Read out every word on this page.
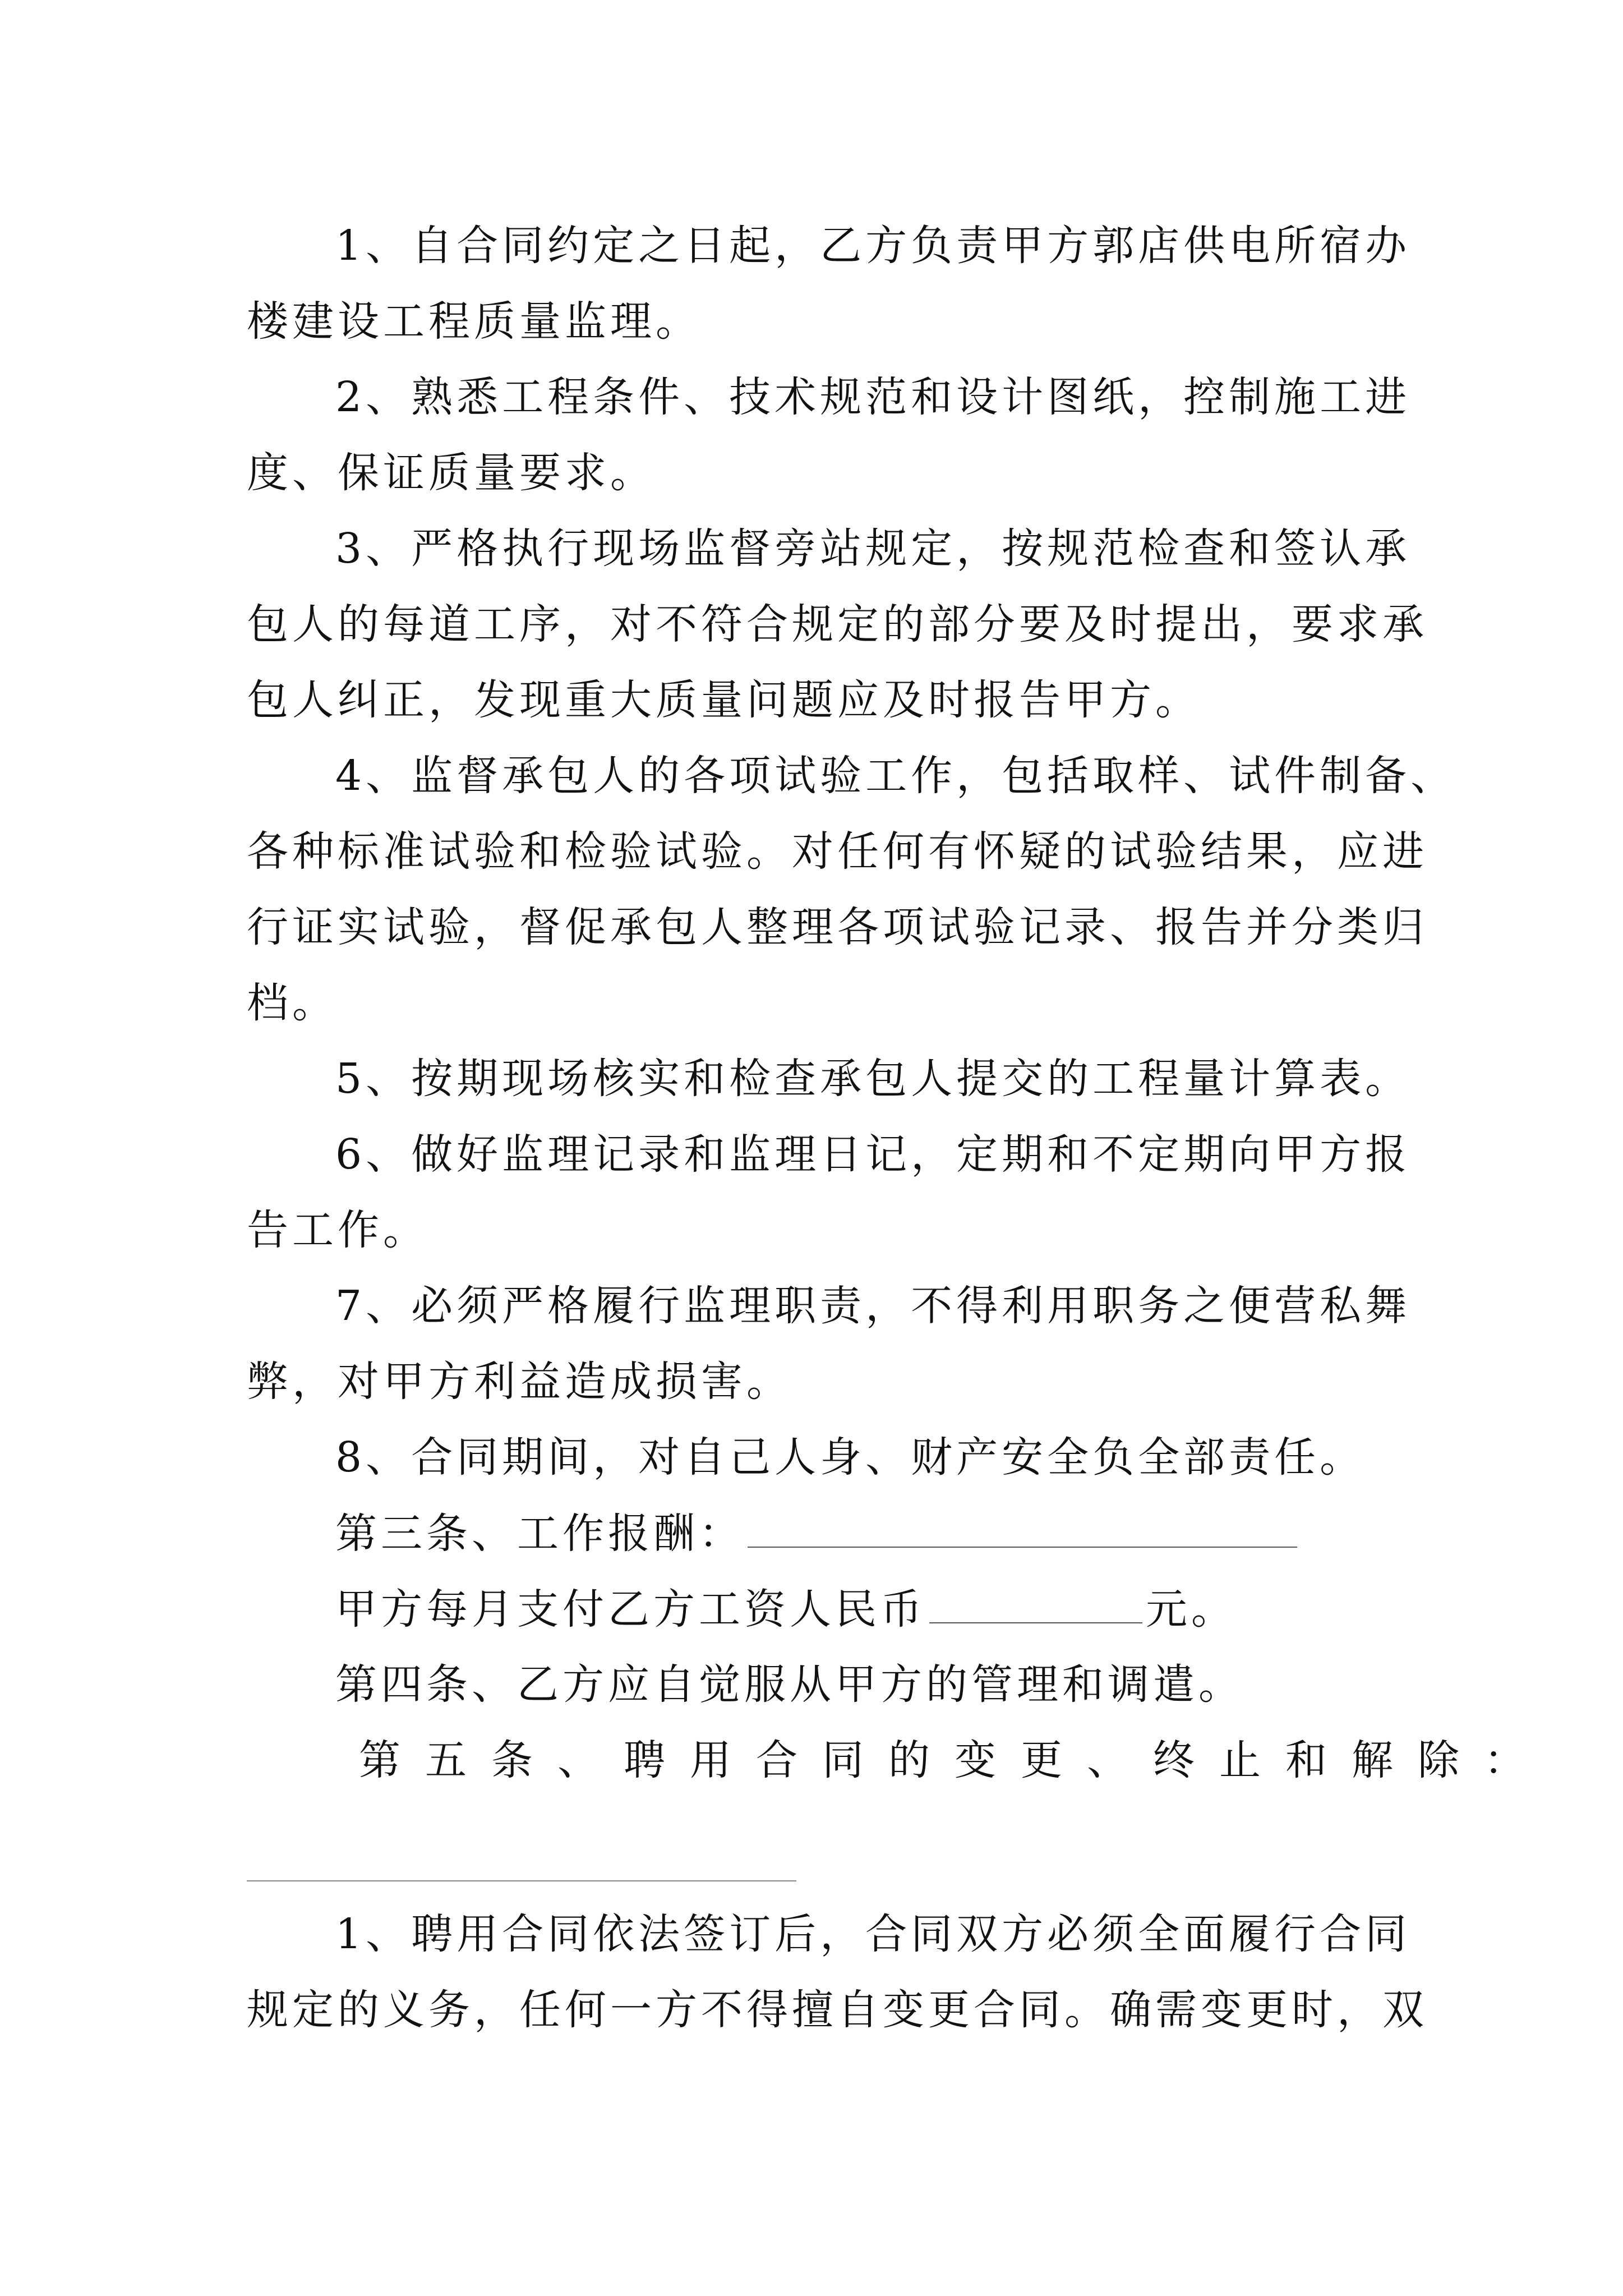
1、自合同约定之日起，乙方负责甲方郭店供电所宿办
楼建设工程质量监理。
2、熟悉工程条件、技术规范和设计图纸，控制施工进
度、保证质量要求。
3、严格执行现场监督旁站规定，按规范检查和签认承
包人的每道工序，对不符合规定的部分要及时提出，要求承
包人纠正，发现重大质量问题应及时报告甲方。
4、监督承包人的各项试验工作，包括取样、试件制备、
各种标准试验和检验试验。对任何有怀疑的试验结果，应进
行证实试验，督促承包人整理各项试验记录、报告并分类归
档。
5、按期现场核实和检查承包人提交的工程量计算表。
6、做好监理记录和监理日记，定期和不定期向甲方报
告工作。
7、必须严格履行监理职责，不得利用职务之便营私舞
弊，对甲方利益造成损害。
8、合同期间，对自己人身、财产安全负全部责任。
第三条、工作报酬：
甲方每月支付乙方工资人民币	元。
第四条、乙方应自觉服从甲方的管理和调遣。
第五条、聘用合同的变更、终止和解除：
1、聘用合同依法签订后，合同双方必须全面履行合同
规定的义务，任何一方不得擅自变更合同。确需变更时，双
